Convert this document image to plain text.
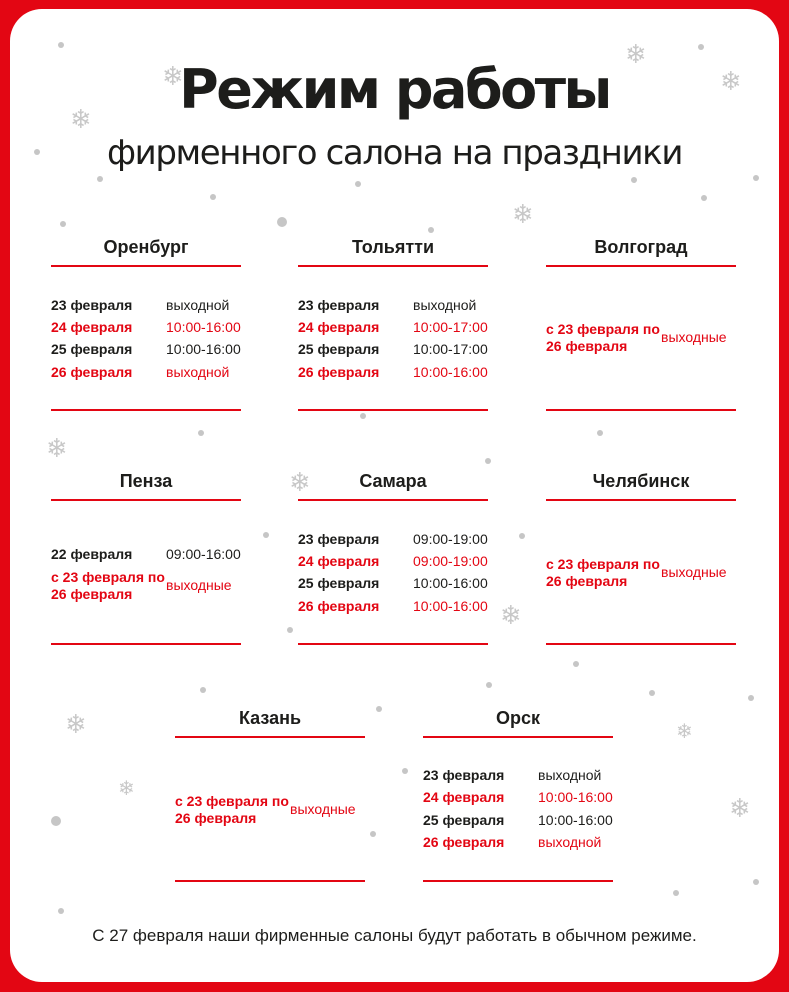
❄
❄
❄
❄
❄
❄
❄
❄
❄	❄
❄
❄
Режим работы
фирменного салона на праздники
Оренбург
23 февраля выходной
24 февраля 10:00-16:00
25 февраля 10:00-16:00
26 февраля выходной
Тольятти
23 февраля выходной
24 февраля 10:00-17:00
25 февраля 10:00-17:00
26 февраля 10:00-16:00
Волгоград
с 23 февраля по 26 февраля
выходные
Пенза
22 февраля 09:00-16:00
с 23 февраля по 26 февраля
выходные
Самара
23 февраля 09:00-19:00
24 февраля 09:00-19:00
25 февраля 10:00-16:00
26 февраля 10:00-16:00
Челябинск
с 23 февраля по 26 февраля
выходные
Казань
с 23 февраля по 26 февраля
выходные
Орск
23 февраля выходной
24 февраля 10:00-16:00
25 февраля 10:00-16:00
26 февраля выходной
С 27 февраля наши фирменные салоны будут работать в обычном режиме.
